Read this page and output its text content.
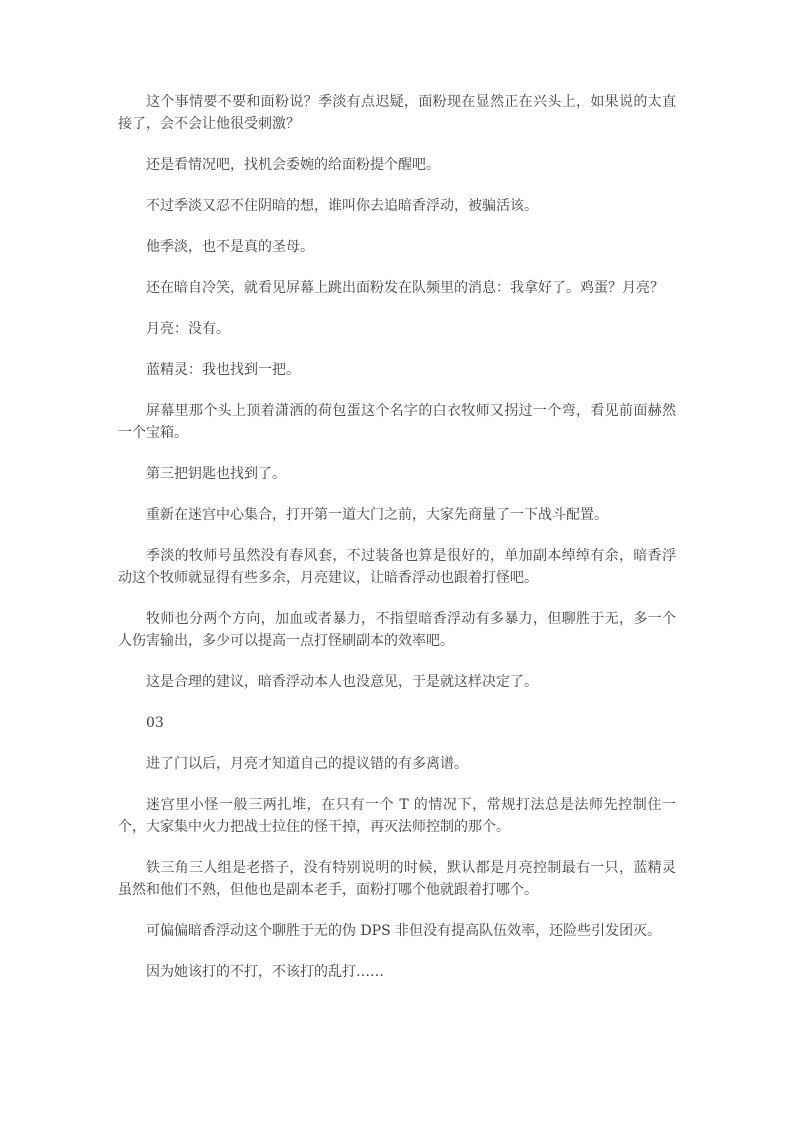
这个事情要不要和面粉说？季淡有点迟疑，面粉现在显然正在兴头上，如果说的太直接了，会不会让他很受刺激？

还是看情况吧，找机会委婉的给面粉提个醒吧。

不过季淡又忍不住阴暗的想，谁叫你去追暗香浮动，被骗活该。

他季淡，也不是真的圣母。

还在暗自冷笑，就看见屏幕上跳出面粉发在队频里的消息：我拿好了。鸡蛋？月亮？

月亮：没有。

蓝精灵：我也找到一把。

屏幕里那个头上顶着潇洒的荷包蛋这个名字的白衣牧师又拐过一个弯，看见前面赫然一个宝箱。

第三把钥匙也找到了。

重新在迷宫中心集合，打开第一道大门之前，大家先商量了一下战斗配置。

季淡的牧师号虽然没有春风套，不过装备也算是很好的，单加副本绰绰有余，暗香浮动这个牧师就显得有些多余，月亮建议，让暗香浮动也跟着打怪吧。

牧师也分两个方向，加血或者暴力，不指望暗香浮动有多暴力，但聊胜于无，多一个人伤害输出，多少可以提高一点打怪刷副本的效率吧。

这是合理的建议，暗香浮动本人也没意见，于是就这样决定了。

03

进了门以后，月亮才知道自己的提议错的有多离谱。

迷宫里小怪一般三两扎堆，在只有一个 T 的情况下，常规打法总是法师先控制住一个，大家集中火力把战士拉住的怪干掉，再灭法师控制的那个。

铁三角三人组是老搭子，没有特别说明的时候，默认都是月亮控制最右一只，蓝精灵虽然和他们不熟，但他也是副本老手，面粉打哪个他就跟着打哪个。

可偏偏暗香浮动这个聊胜于无的伪 DPS 非但没有提高队伍效率，还险些引发团灭。

因为她该打的不打，不该打的乱打……
